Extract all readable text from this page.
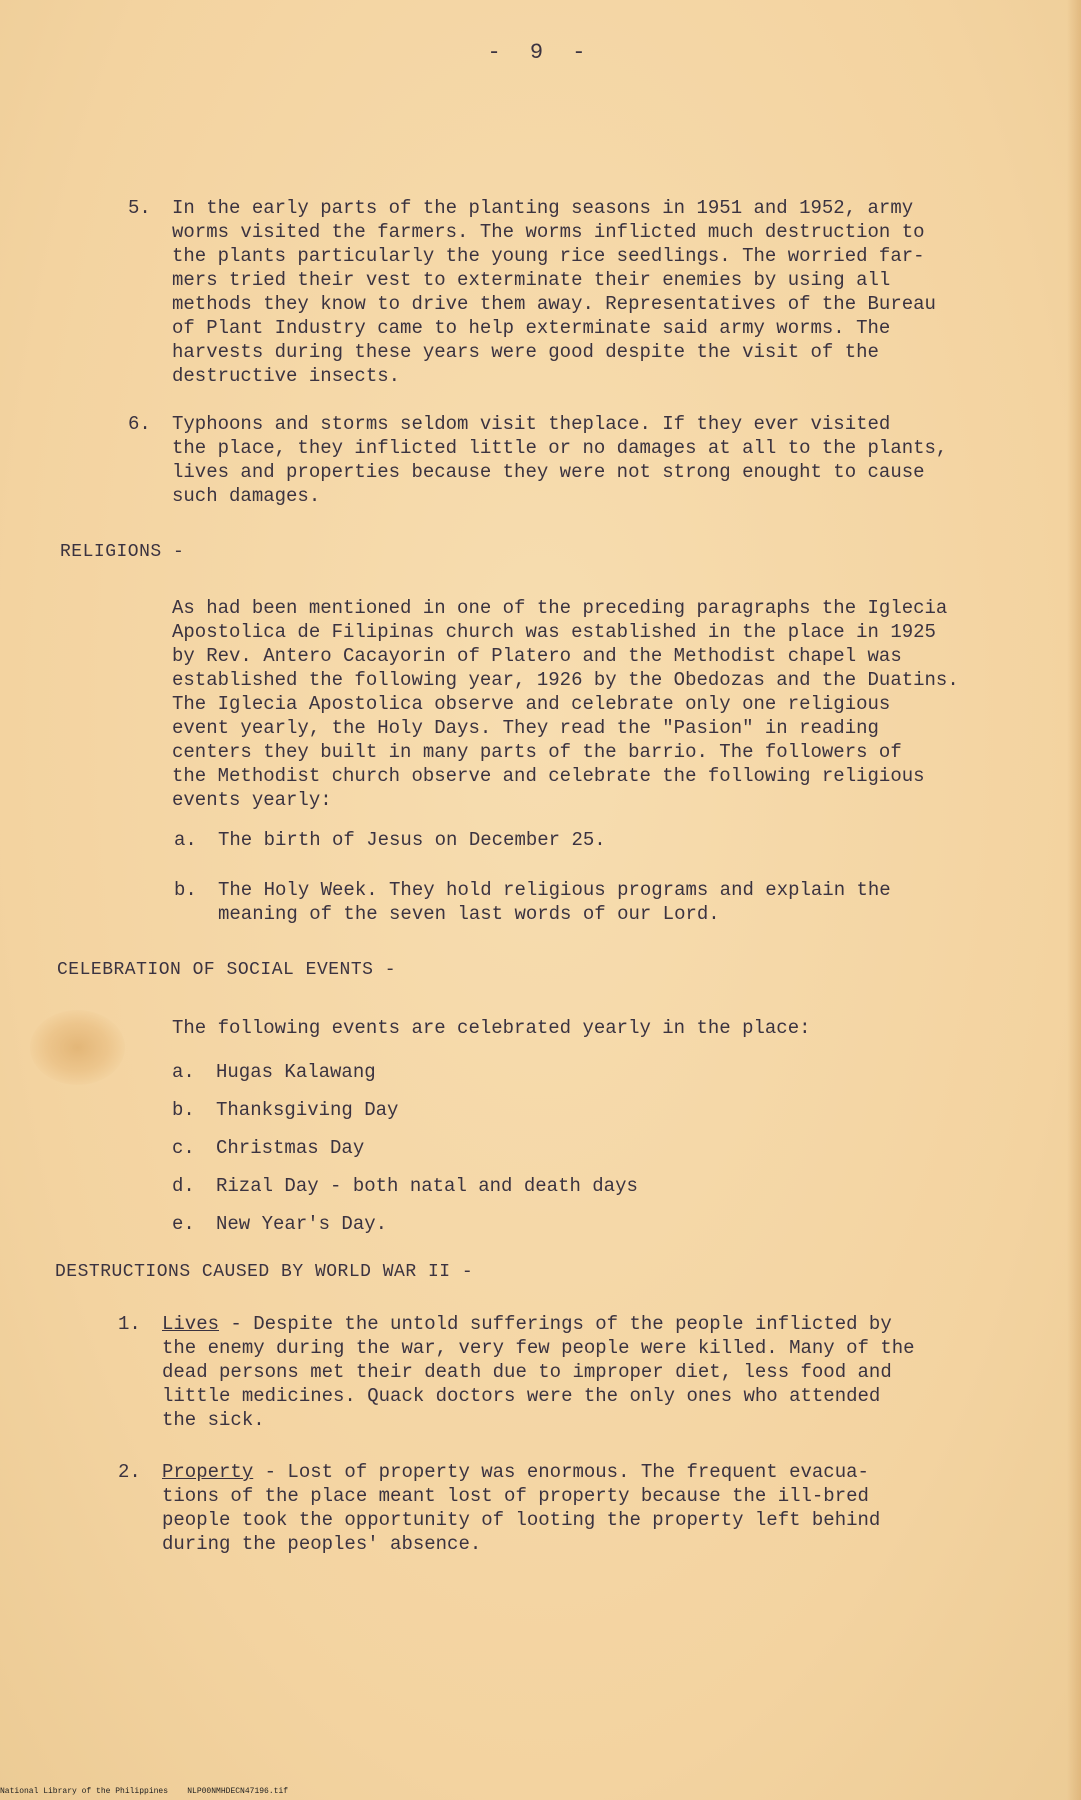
- 9 -
5.	In the early parts of the planting seasons in 1951 and 1952, army
worms visited the farmers. The worms inflicted much destruction to
the plants particularly the young rice seedlings. The worried far-
mers tried their vest to exterminate their enemies by using all
methods they know to drive them away. Representatives of the Bureau
of Plant Industry came to help exterminate said army worms. The
harvests during these years were good despite the visit of the
destructive insects.
6.	Typhoons and storms seldom visit theplace. If they ever visited
the place, they inflicted little or no damages at all to the plants,
lives and properties because they were not strong enought to cause
such damages.
RELIGIONS -
As had been mentioned in one of the preceding paragraphs the Iglecia
Apostolica de Filipinas church was established in the place in 1925
by Rev. Antero Cacayorin of Platero and the Methodist chapel was
established the following year, 1926 by the Obedozas and the Duatins.
The Iglecia Apostolica observe and celebrate only one religious
event yearly, the Holy Days. They read the "Pasion" in reading
centers they built in many parts of the barrio. The followers of
the Methodist church observe and celebrate the following religious
events yearly:
a.	The birth of Jesus on December 25.
b.	The Holy Week. They hold religious programs and explain the
meaning of the seven last words of our Lord.
CELEBRATION OF SOCIAL EVENTS -
The following events are celebrated yearly in the place:
a.	Hugas Kalawang
b.	Thanksgiving Day
c.	Christmas Day
d.	Rizal Day - both natal and death days
e.	New Year's Day.
DESTRUCTIONS CAUSED BY WORLD WAR II -
1.	Lives - Despite the untold sufferings of the people inflicted by
the enemy during the war, very few people were killed. Many of the
dead persons met their death due to improper diet, less food and
little medicines. Quack doctors were the only ones who attended
the sick.
2.	Property - Lost of property was enormous. The frequent evacua-
tions of the place meant lost of property because the ill-bred
people took the opportunity of looting the property left behind
during the peoples' absence.
National Library of the Philippines    NLP00NMHDECN47196.tif
